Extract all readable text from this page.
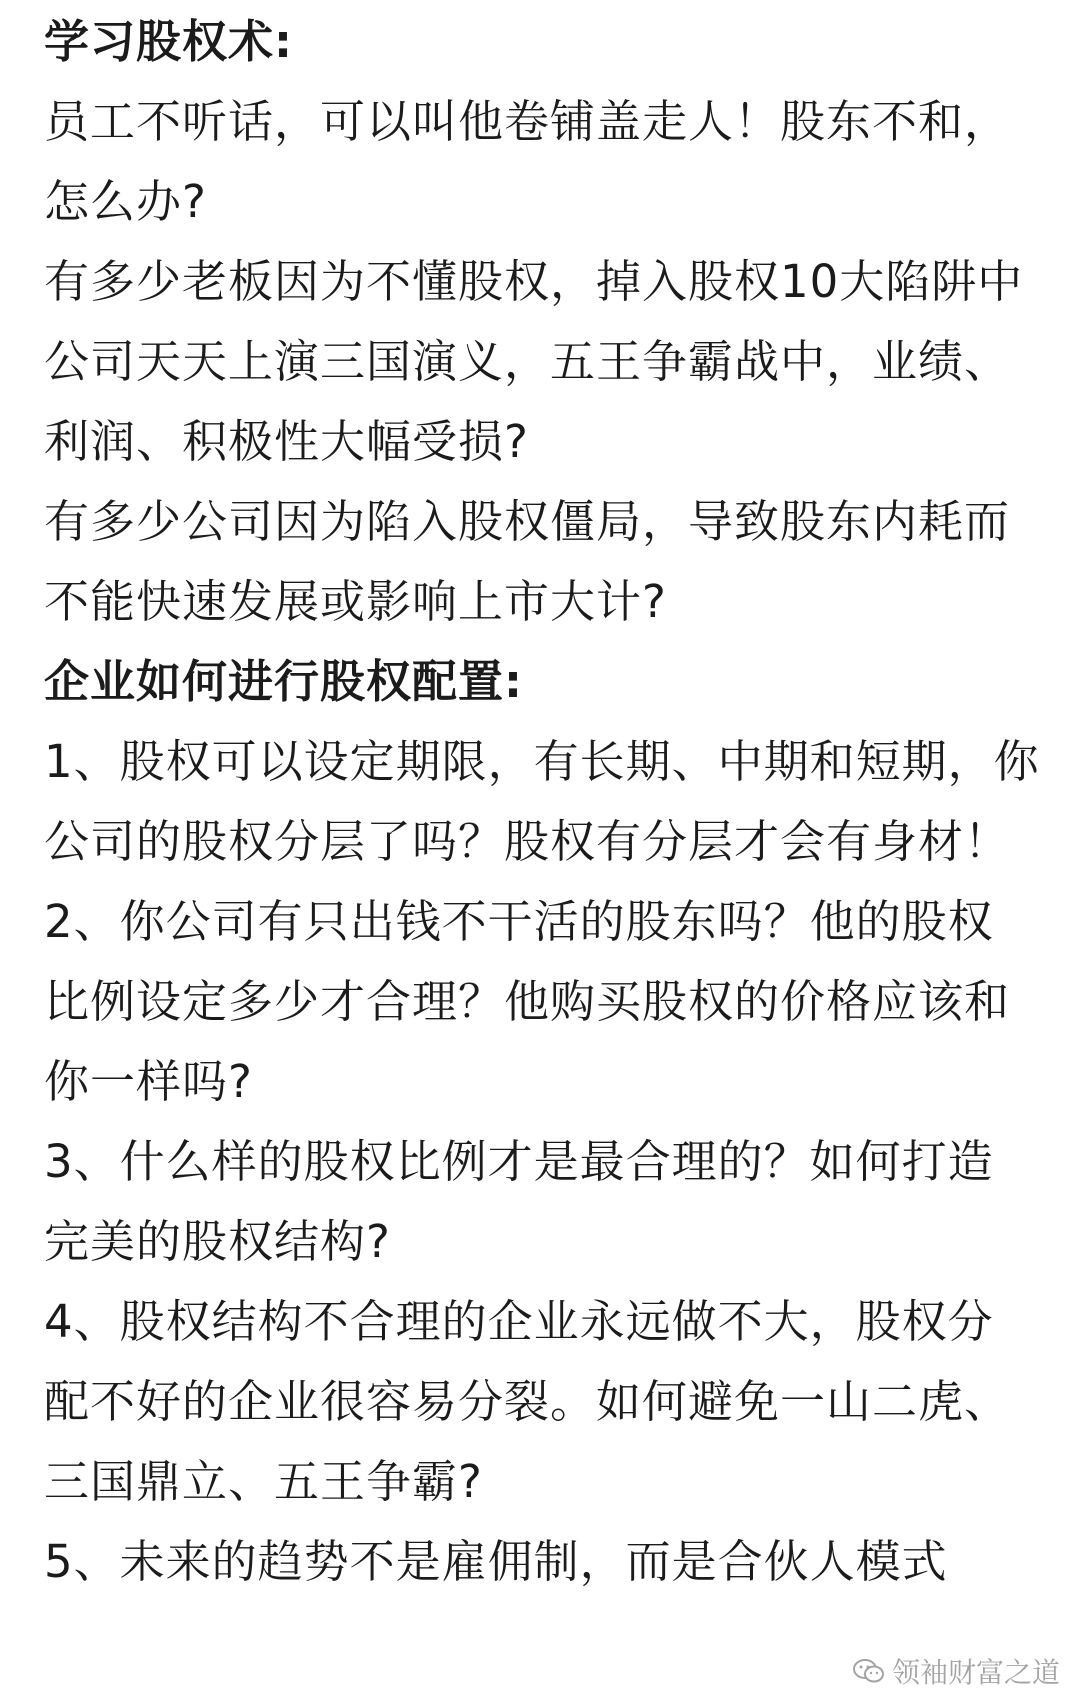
学习股权术:
员工不听话，可以叫他卷铺盖走人！股东不和，
怎么办?
有多少老板因为不懂股权，掉入股权10大陷阱中
公司天天上演三国演义，五王争霸战中，业绩、
利润、积极性大幅受损?
有多少公司因为陷入股权僵局，导致股东内耗而
不能快速发展或影响上市大计?
企业如何进行股权配置:
1、股权可以设定期限，有长期、中期和短期，你
公司的股权分层了吗？股权有分层才会有身材！
2、你公司有只出钱不干活的股东吗？他的股权
比例设定多少才合理？他购买股权的价格应该和
你一样吗?
3、什么样的股权比例才是最合理的？如何打造
完美的股权结构?
4、股权结构不合理的企业永远做不大，股权分
配不好的企业很容易分裂。如何避免一山二虎、
三国鼎立、五王争霸?
5、未来的趋势不是雇佣制，而是合伙人模式
领袖财富之道
